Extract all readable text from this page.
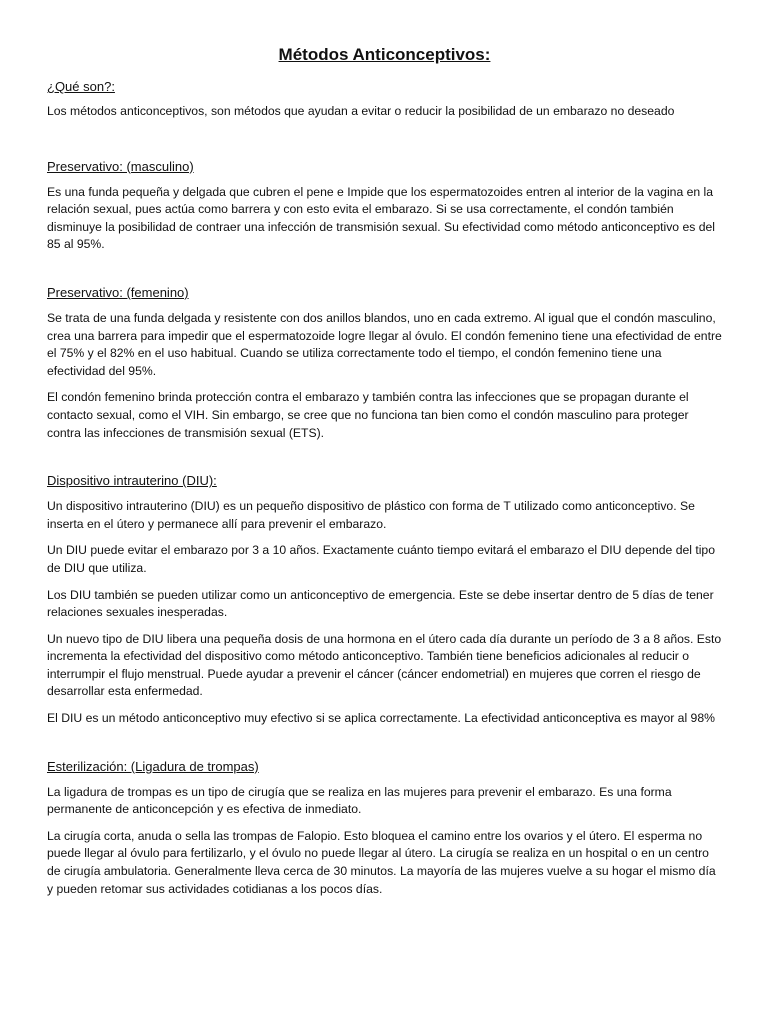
Métodos Anticonceptivos:
¿Qué son?:

Los métodos anticonceptivos, son métodos que ayudan a evitar o reducir la posibilidad de un embarazo no deseado

Preservativo: (masculino)

Es una funda pequeña y delgada que cubren el pene e Impide que los espermatozoides entren al interior de la vagina en la relación sexual, pues actúa como barrera y con esto evita el embarazo. Si se usa correctamente, el condón también disminuye la posibilidad de contraer una infección de transmisión sexual. Su efectividad como método anticonceptivo es del 85 al 95%.

Preservativo: (femenino)

Se trata de una funda delgada y resistente con dos anillos blandos, uno en cada extremo. Al igual que el condón masculino, crea una barrera para impedir que el espermatozoide logre llegar al óvulo. El condón femenino tiene una efectividad de entre el 75% y el 82% en el uso habitual. Cuando se utiliza correctamente todo el tiempo, el condón femenino tiene una efectividad del 95%.

El condón femenino brinda protección contra el embarazo y también contra las infecciones que se propagan durante el contacto sexual, como el VIH. Sin embargo, se cree que no funciona tan bien como el condón masculino para proteger contra las infecciones de transmisión sexual (ETS).

Dispositivo intrauterino (DIU):

Un dispositivo intrauterino (DIU) es un pequeño dispositivo de plástico con forma de T utilizado como anticonceptivo. Se inserta en el útero y permanece allí para prevenir el embarazo.

Un DIU puede evitar el embarazo por 3 a 10 años. Exactamente cuánto tiempo evitará el embarazo el DIU depende del tipo de DIU que utiliza.

Los DIU también se pueden utilizar como un anticonceptivo de emergencia. Este se debe insertar dentro de 5 días de tener relaciones sexuales inesperadas.

Un nuevo tipo de DIU libera una pequeña dosis de una hormona en el útero cada día durante un período de 3 a 8 años. Esto incrementa la efectividad del dispositivo como método anticonceptivo. También tiene beneficios adicionales al reducir o interrumpir el flujo menstrual. Puede ayudar a prevenir el cáncer (cáncer endometrial) en mujeres que corren el riesgo de desarrollar esta enfermedad.

El DIU es un método anticonceptivo muy efectivo si se aplica correctamente. La efectividad anticonceptiva es mayor al 98%

Esterilización: (Ligadura de trompas)

La ligadura de trompas es un tipo de cirugía que se realiza en las mujeres para prevenir el embarazo. Es una forma permanente de anticoncepción y es efectiva de inmediato.

La cirugía corta, anuda o sella las trompas de Falopio. Esto bloquea el camino entre los ovarios y el útero. El esperma no puede llegar al óvulo para fertilizarlo, y el óvulo no puede llegar al útero. La cirugía se realiza en un hospital o en un centro de cirugía ambulatoria. Generalmente lleva cerca de 30 minutos. La mayoría de las mujeres vuelve a su hogar el mismo día y pueden retomar sus actividades cotidianas a los pocos días.
